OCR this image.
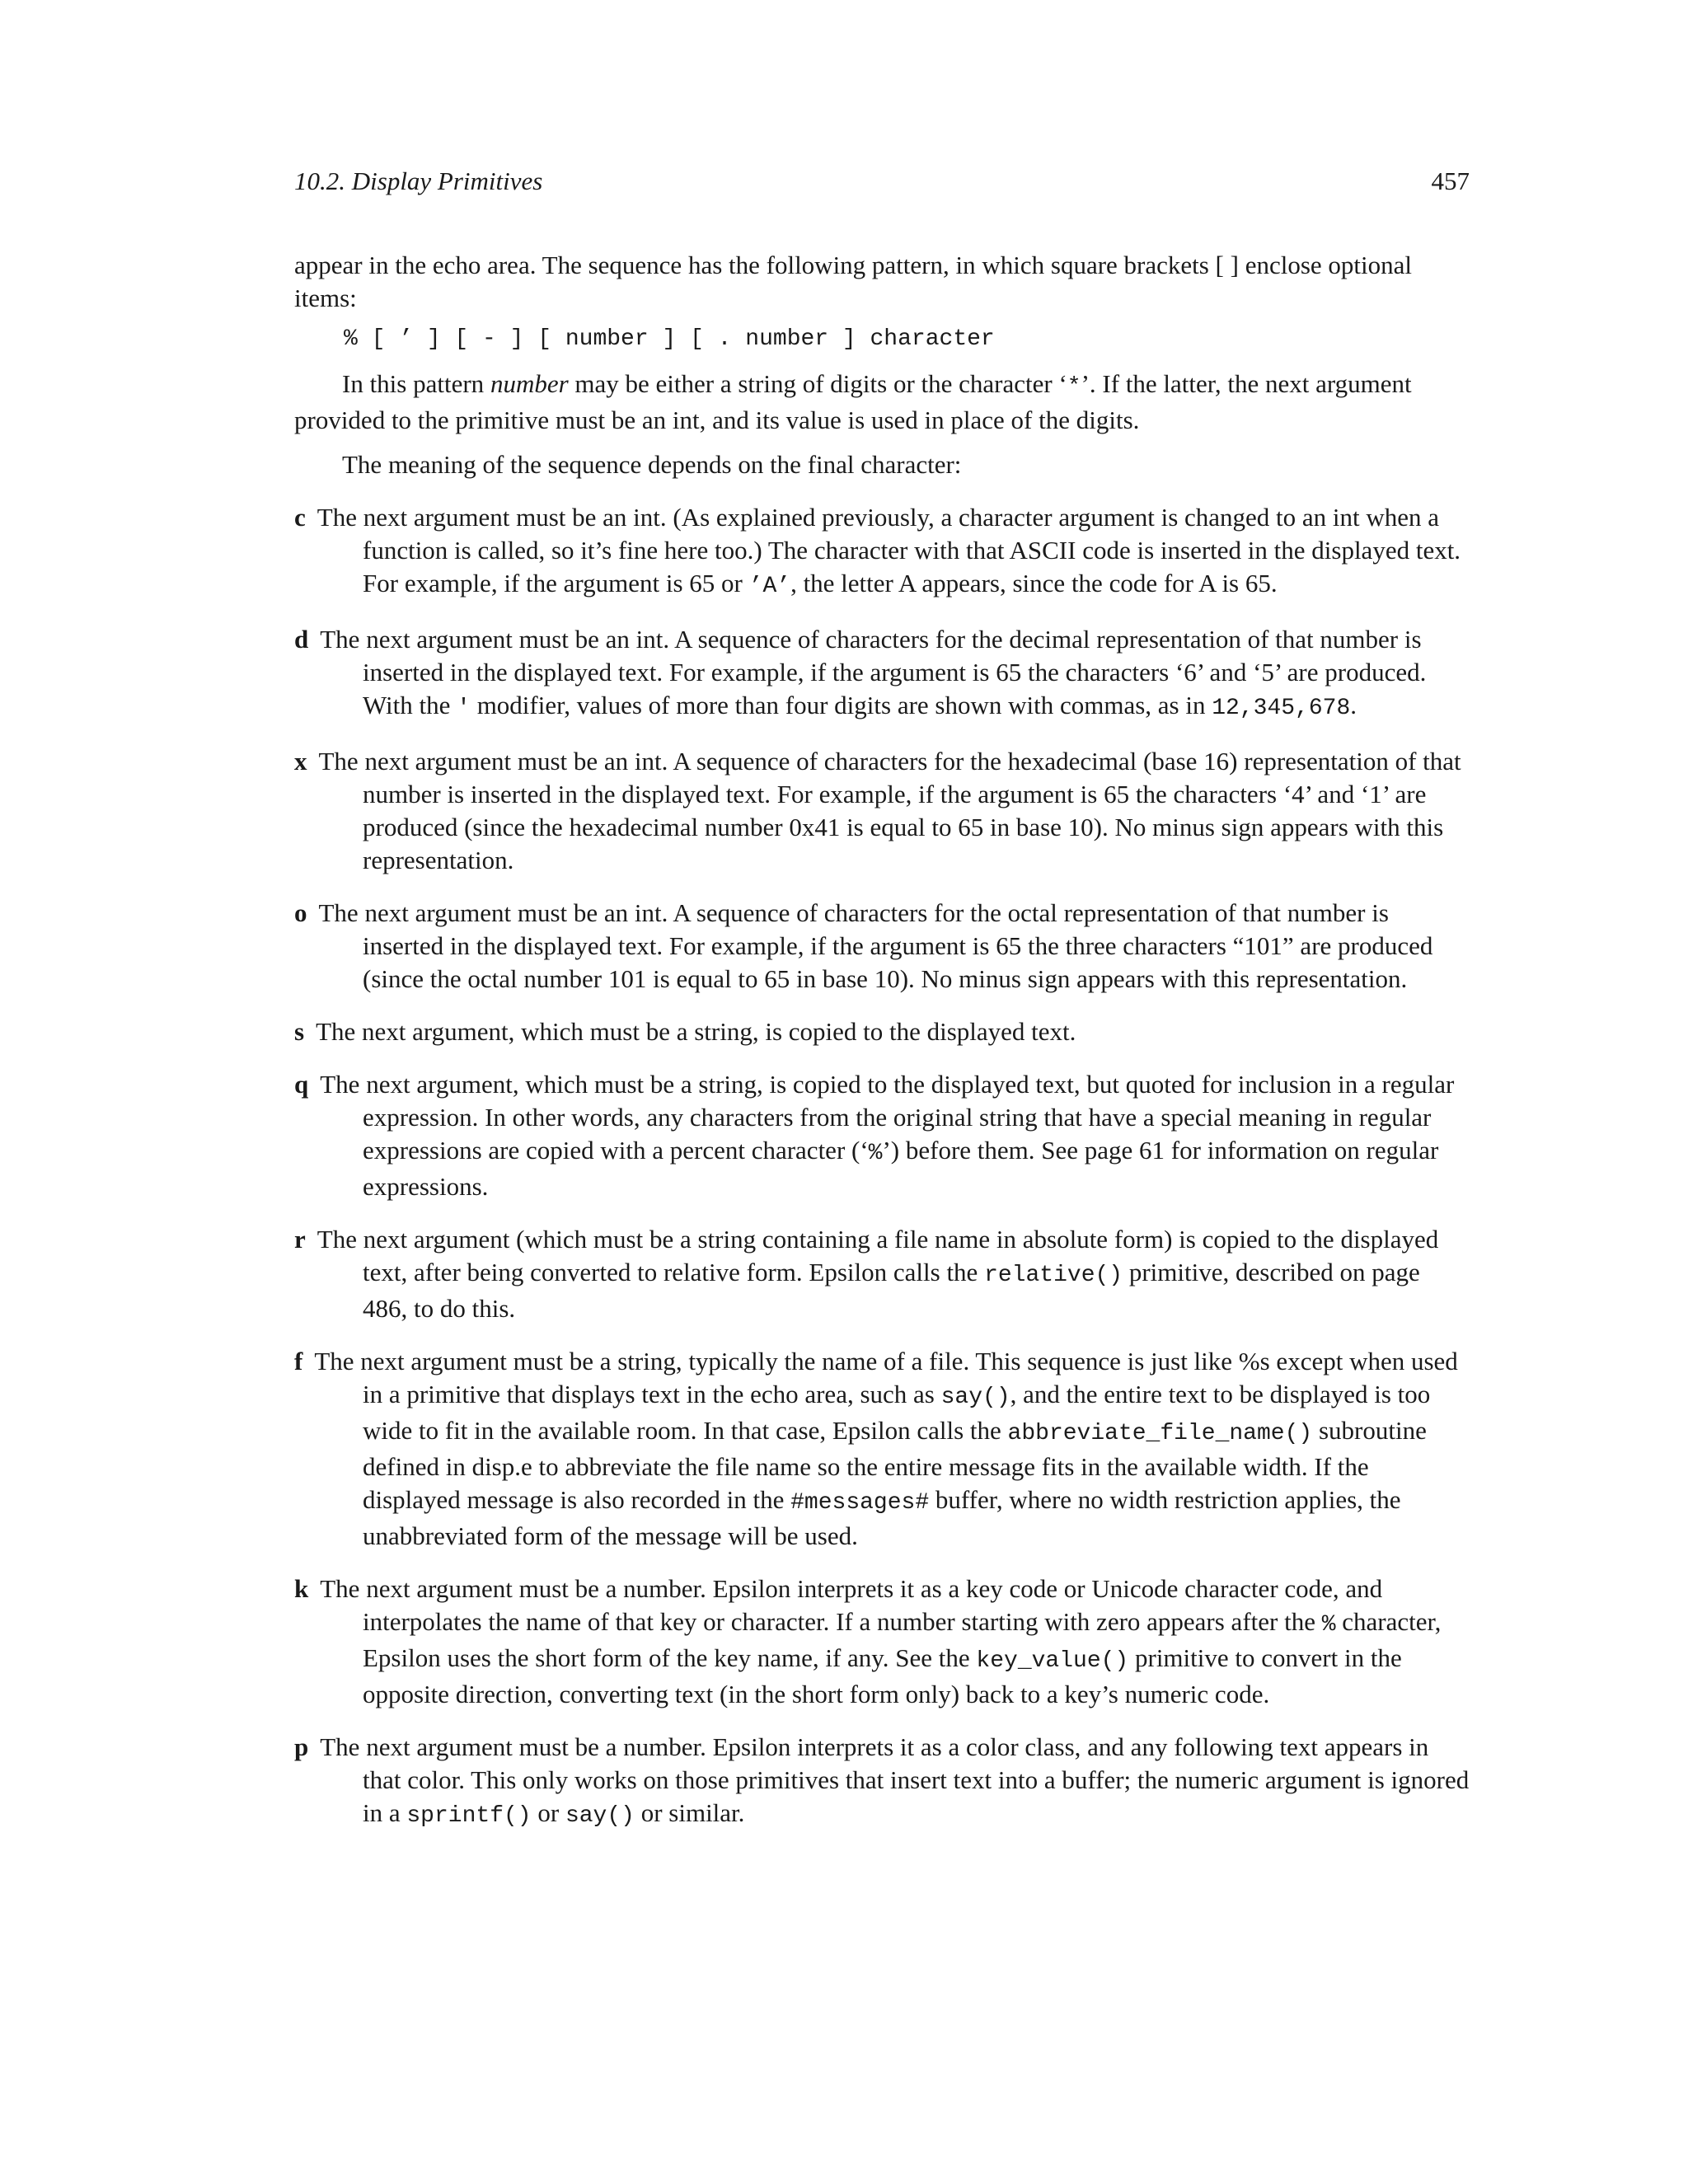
10.2. Display Primitives	457

appear in the echo area. The sequence has the following pattern, in which square brackets [ ] enclose optional items:

% [ ’ ] [ - ] [ number ] [ . number ] character

In this pattern number may be either a string of digits or the character ‘*’. If the latter, the next argument provided to the primitive must be an int, and its value is used in place of the digits.

The meaning of the sequence depends on the final character:

c The next argument must be an int. (As explained previously, a character argument is changed to an int when a function is called, so it’s fine here too.) The character with that ASCII code is inserted in the displayed text. For example, if the argument is 65 or ’A’, the letter A appears, since the code for A is 65.

d The next argument must be an int. A sequence of characters for the decimal representation of that number is inserted in the displayed text. For example, if the argument is 65 the characters ‘6’ and ‘5’ are produced. With the ' modifier, values of more than four digits are shown with commas, as in 12,345,678.

x The next argument must be an int. A sequence of characters for the hexadecimal (base 16) representation of that number is inserted in the displayed text. For example, if the argument is 65 the characters ‘4’ and ‘1’ are produced (since the hexadecimal number 0x41 is equal to 65 in base 10). No minus sign appears with this representation.

o The next argument must be an int. A sequence of characters for the octal representation of that number is inserted in the displayed text. For example, if the argument is 65 the three characters “101” are produced (since the octal number 101 is equal to 65 in base 10). No minus sign appears with this representation.

s The next argument, which must be a string, is copied to the displayed text.

q The next argument, which must be a string, is copied to the displayed text, but quoted for inclusion in a regular expression. In other words, any characters from the original string that have a special meaning in regular expressions are copied with a percent character (‘%’) before them. See page 61 for information on regular expressions.

r The next argument (which must be a string containing a file name in absolute form) is copied to the displayed text, after being converted to relative form. Epsilon calls the relative() primitive, described on page 486, to do this.

f The next argument must be a string, typically the name of a file. This sequence is just like %s except when used in a primitive that displays text in the echo area, such as say(), and the entire text to be displayed is too wide to fit in the available room. In that case, Epsilon calls the abbreviate_file_name() subroutine defined in disp.e to abbreviate the file name so the entire message fits in the available width. If the displayed message is also recorded in the #messages# buffer, where no width restriction applies, the unabbreviated form of the message will be used.

k The next argument must be a number. Epsilon interprets it as a key code or Unicode character code, and interpolates the name of that key or character. If a number starting with zero appears after the % character, Epsilon uses the short form of the key name, if any. See the key_value() primitive to convert in the opposite direction, converting text (in the short form only) back to a key’s numeric code.

p The next argument must be a number. Epsilon interprets it as a color class, and any following text appears in that color. This only works on those primitives that insert text into a buffer; the numeric argument is ignored in a sprintf() or say() or similar.
